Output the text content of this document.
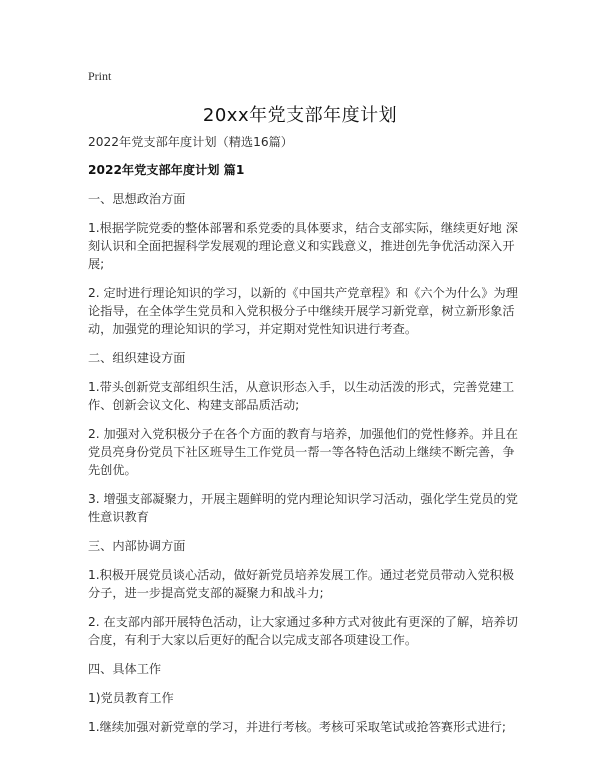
Print
20xx年党支部年度计划

2022年党支部年度计划（精选16篇）

2022年党支部年度计划 篇1

一、思想政治方面

1.根据学院党委的整体部署和系党委的具体要求，结合支部实际，继续更好地 深刻认识和全面把握科学发展观的理论意义和实践意义，推进创先争优活动深入开展;

2. 定时进行理论知识的学习，以新的《中国共产党章程》和《六个为什么》为理论指导，在全体学生党员和入党积极分子中继续开展学习新党章，树立新形象活动，加强党的理论知识的学习，并定期对党性知识进行考查。

二、组织建设方面

1.带头创新党支部组织生活，从意识形态入手，以生动活泼的形式，完善党建工作、创新会议文化、构建支部品质活动;

2. 加强对入党积极分子在各个方面的教育与培养，加强他们的党性修养。并且在党员亮身份党员下社区班导生工作党员一帮一等各特色活动上继续不断完善，争先创优。

3. 增强支部凝聚力，开展主题鲜明的党内理论知识学习活动，强化学生党员的党性意识教育

三、内部协调方面

1.积极开展党员谈心活动，做好新党员培养发展工作。通过老党员带动入党积极分子，进一步提高党支部的凝聚力和战斗力;

2. 在支部内部开展特色活动，让大家通过多种方式对彼此有更深的了解，培养切合度，有利于大家以后更好的配合以完成支部各项建设工作。

四、具体工作

1)党员教育工作

1.继续加强对新党章的学习，并进行考核。考核可采取笔试或抢答赛形式进行;
